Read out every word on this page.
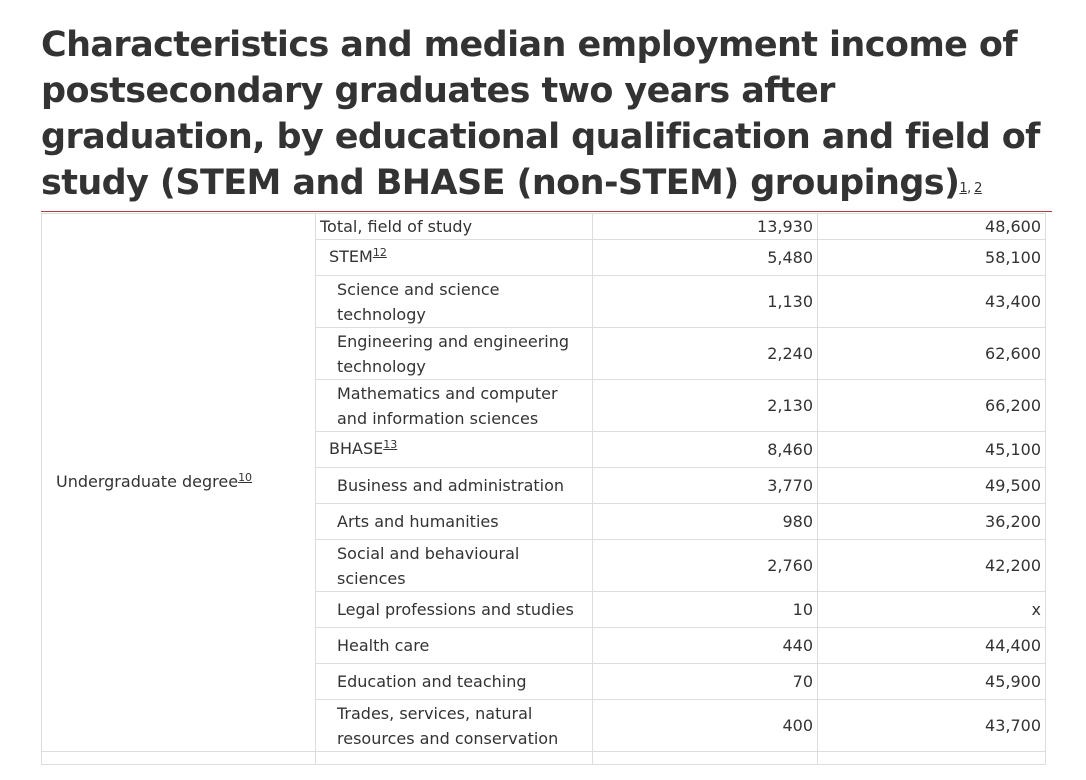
Characteristics and median employment income of postsecondary graduates two years after graduation, by educational qualification and field of study (STEM and BHASE (non-STEM) groupings)$^{1, 2}$
Undergraduate degree$^{10}$	Total, field of study	13,930	48,600
	STEM$^{12}$	5,480	58,100
	Science and science technology	1,130	43,400
	Engineering and engineering technology	2,240	62,600
	Mathematics and computer and information sciences	2,130	66,200
	BHASE$^{13}$	8,460	45,100
	Business and administration	3,770	49,500
	Arts and humanities	980	36,200
	Social and behavioural sciences	2,760	42,200
	Legal professions and studies	10	x
	Health care	440	44,400
	Education and teaching	70	45,900
	Trades, services, natural resources and conservation	400	43,700
